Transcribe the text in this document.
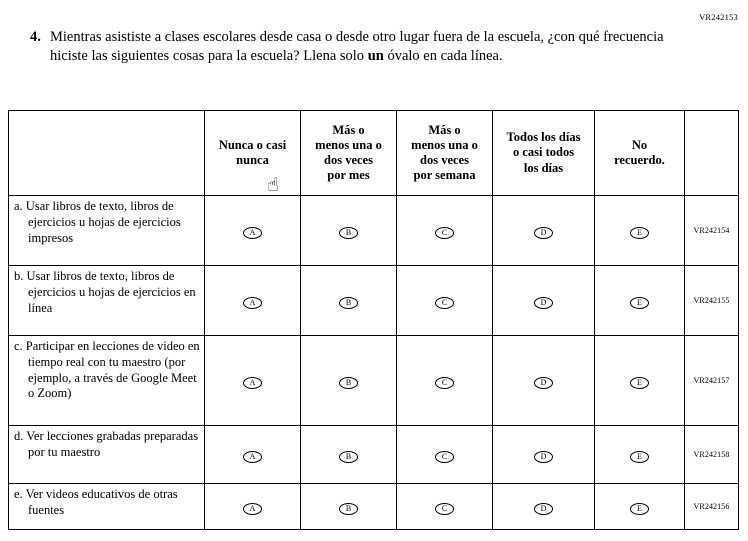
VR242153
4. Mientras asististe a clases escolares desde casa o desde otro lugar fuera de la escuela, ¿con qué frecuencia hiciste las siguientes cosas para la escuela? Llena solo un óvalo en cada línea.
	Nunca o casi nunca	Más o menos una o dos veces por mes	Más o menos una o dos veces por semana	Todos los días o casi todos los días	No recuerdo.	

a. Usar libros de texto, libros de ejercicios u hojas de ejercicios impresos	A	B	C	D	E	VR242154

b. Usar libros de texto, libros de ejercicios u hojas de ejercicios en línea	A	B	C	D	E	VR242155

c. Participar en lecciones de video en tiempo real con tu maestro (por ejemplo, a través de Google Meet o Zoom)	A	B	C	D	E	VR242157

d. Ver lecciones grabadas preparadas por tu maestro	A	B	C	D	E	VR242158

e. Ver videos educativos de otras fuentes	A	B	C	D	E	VR242156
☝
